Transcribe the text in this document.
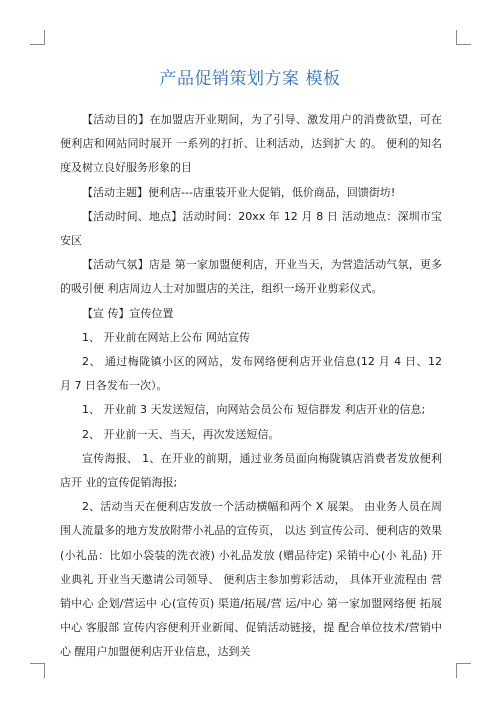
产品促销策划方案 模板

【活动目的】在加盟店开业期间，为了引导、激发用户的消费欲望，可在便利店和网站同时展开 一系列的打折、让利活动，达到扩大 的。 便利的知名度及树立良好服务形象的目

【活动主题】便利店---店重装开业大促销，低价商品，回馈街坊!

【活动时间、地点】活动时间：20xx 年 12 月 8 日 活动地点：深圳市宝安区

【活动气氛】店是 第一家加盟便利店，开业当天，为营造活动气氛，更多的吸引便 利店周边人士对加盟店的关注，组织一场开业剪彩仪式。

【宣 传】宣传位置

1、 开业前在网站上公布 网站宣传

2、 通过梅陇镇小区的网站，发布网络便利店开业信息(12 月 4 日、12 月 7 日各发布一次）。

1、 开业前 3 天发送短信，向网站会员公布 短信群发 利店开业的信息;

2、 开业前一天、当天，再次发送短信。

宣传海报、 1、在开业的前期，通过业务员面向梅陇镇店消费者发放便利店开 业的宣传促销海报;

2、活动当天在便利店发放一个活动横幅和两个 X 展架。 由业务人员在周围人流量多的地方发放附带小礼品的宣传页， 以达 到宣传公司、便利店的效果(小礼品：比如小袋装的洗衣液) 小礼品发放 (赠品待定) 采销中心(小 礼品) 开业典礼 开业当天邀请公司领导、 便利店主参加剪彩活动， 具体开业流程由 营销中心 企划/营运中 心(宣传页) 渠道/拓展/营 运/中心 第一家加盟网络便 拓展中心 客服部 宣传内容便利开业新闻、促销活动链接，提 配合单位技术/营销中 心 醒用户加盟便利店开业信息，达到关
